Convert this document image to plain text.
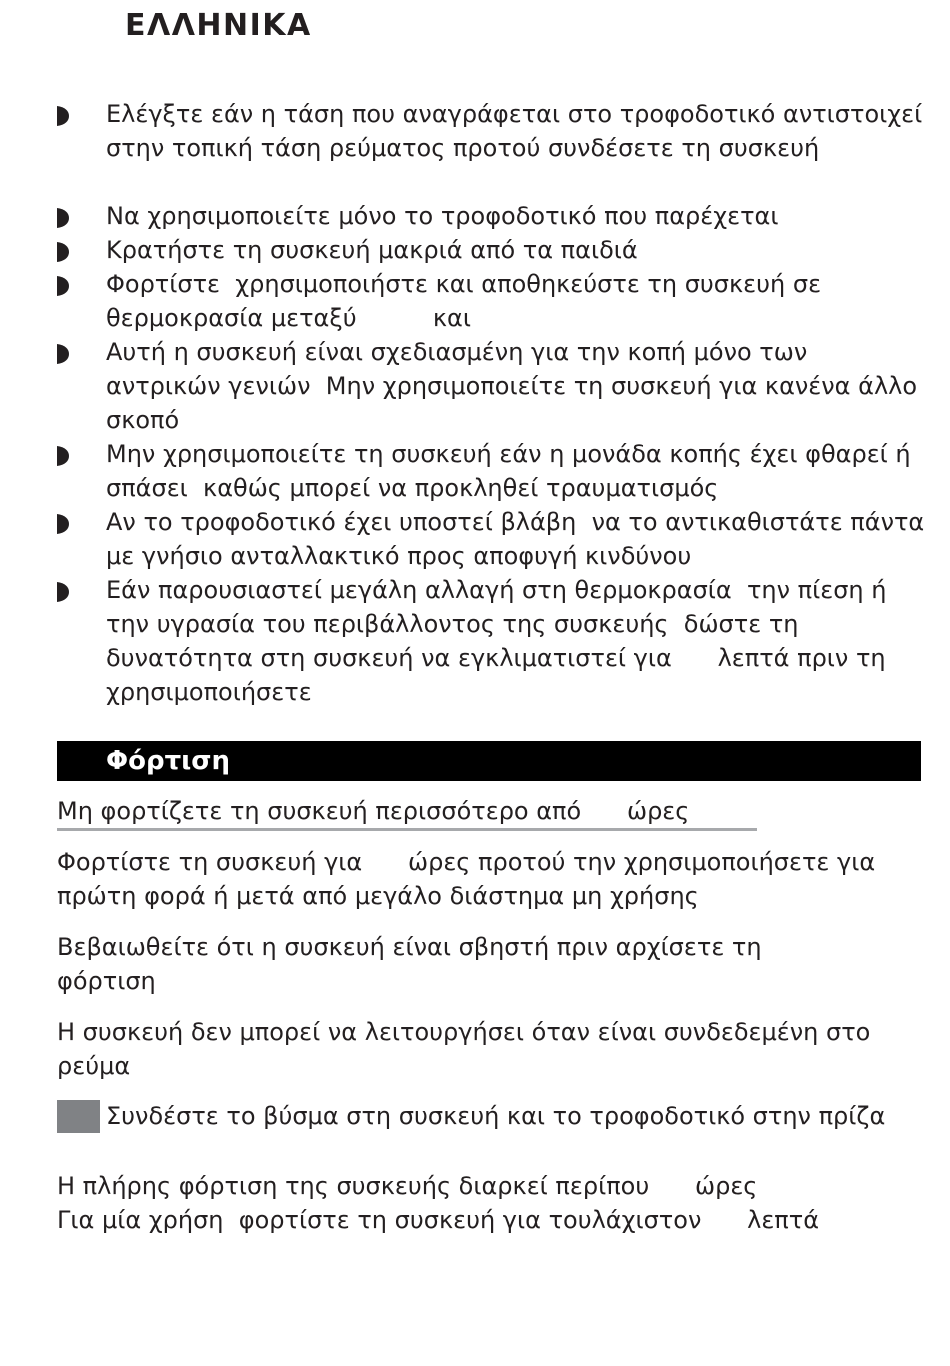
ΕΛΛΗΝΙΚΑ
Ελέγξτε εάν η τάση που αναγράφεται στο τροφοδοτικό αντιστοιχεί στην τοπική τάση ρεύματος προτού συνδέσετε τη συσκευή
Να χρησιμοποιείτε μόνο το τροφοδοτικό που παρέχεται
Κρατήστε τη συσκευή μακριά από τα παιδιά
Φορτίστε  χρησιμοποιήστε και αποθηκεύστε τη συσκευή σε θερμοκρασία μεταξύ          και
Αυτή η συσκευή είναι σχεδιασμένη για την κοπή μόνο των αντρικών γενιών  Μην χρησιμοποιείτε τη συσκευή για κανένα άλλο σκοπό
Μην χρησιμοποιείτε τη συσκευή εάν η μονάδα κοπής έχει φθαρεί ή σπάσει  καθώς μπορεί να προκληθεί τραυματισμός
Αν το τροφοδοτικό έχει υποστεί βλάβη  να το αντικαθιστάτε πάντα με γνήσιο ανταλλακτικό προς αποφυγή κινδύνου
Εάν παρουσιαστεί μεγάλη αλλαγή στη θερμοκρασία  την πίεση ή την υγρασία του περιβάλλοντος της συσκευής  δώστε τη δυνατότητα στη συσκευή να εγκλιματιστεί για      λεπτά πριν τη χρησιμοποιήσετε
Φόρτιση
Μη φορτίζετε τη συσκευή περισσότερο από      ώρες

Φορτίστε τη συσκευή για      ώρες προτού την χρησιμοποιήσετε για πρώτη φορά ή μετά από μεγάλο διάστημα μη χρήσης

Βεβαιωθείτε ότι η συσκευή είναι σβηστή πριν αρχίσετε τη φόρτιση

Η συσκευή δεν μπορεί να λειτουργήσει όταν είναι συνδεδεμένη στο ρεύμα

Συνδέστε το βύσμα στη συσκευή και το τροφοδοτικό στην πρίζα

Η πλήρης φόρτιση της συσκευής διαρκεί περίπου      ώρες

Για μία χρήση  φορτίστε τη συσκευή για τουλάχιστον      λεπτά
